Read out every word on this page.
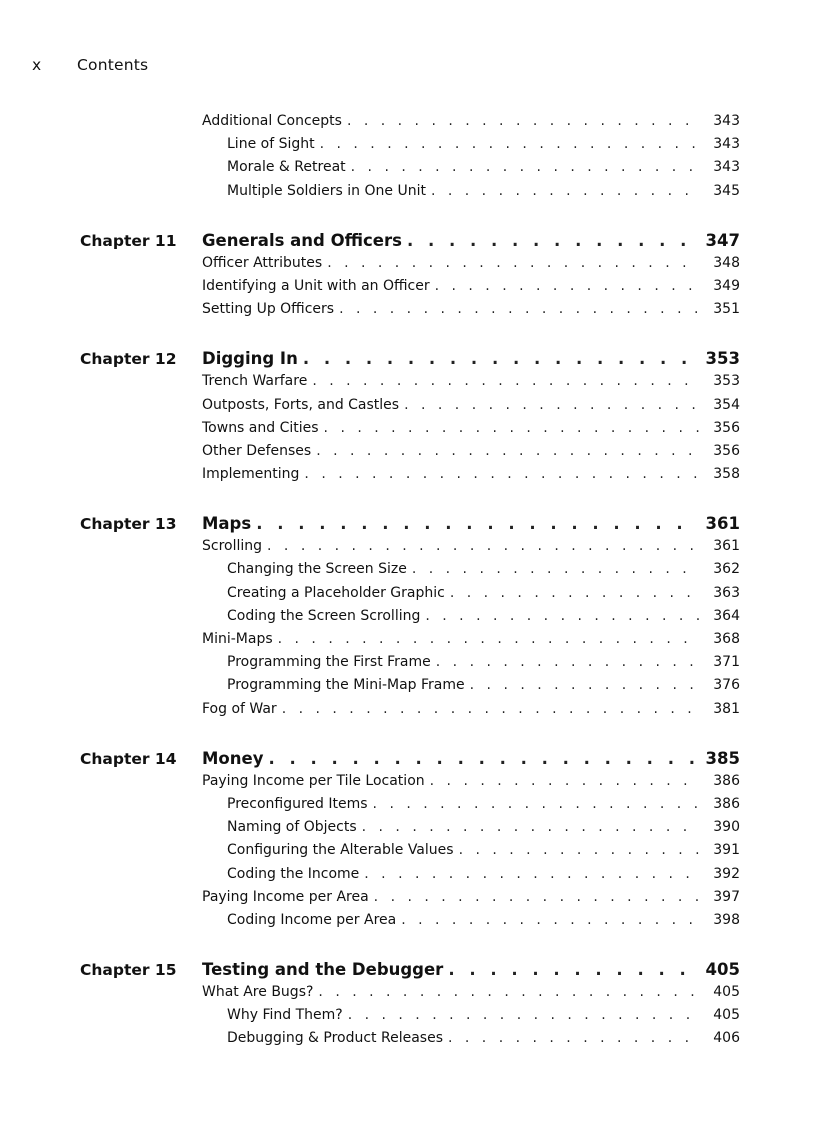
x Contents
Additional Concepts . . .	343
Line of Sight . . .	343
Morale & Retreat . . .	343
Multiple Soldiers in One Unit . . .	345
Chapter 11 Generals and Officers . . .	347
Officer Attributes . . .	348
Identifying a Unit with an Officer . . .	349
Setting Up Officers . . .	351
Chapter 12 Digging In . . .	353
Trench Warfare . . .	353
Outposts, Forts, and Castles . . .	354
Towns and Cities . . .	356
Other Defenses . . .	356
Implementing . . .	358
Chapter 13 Maps . . .	361
Scrolling . . .	361
Changing the Screen Size . . .	362
Creating a Placeholder Graphic . . .	363
Coding the Screen Scrolling . . .	364
Mini-Maps . . .	368
Programming the First Frame . . .	371
Programming the Mini-Map Frame . . .	376
Fog of War . . .	381
Chapter 14 Money . . .	385
Paying Income per Tile Location . . .	386
Preconfigured Items . . .	386
Naming of Objects . . .	390
Configuring the Alterable Values . . .	391
Coding the Income . . .	392
Paying Income per Area . . .	397
Coding Income per Area . . .	398
Chapter 15 Testing and the Debugger . . .	405
What Are Bugs? . . .	405
Why Find Them? . . .	405
Debugging & Product Releases . . .	406
